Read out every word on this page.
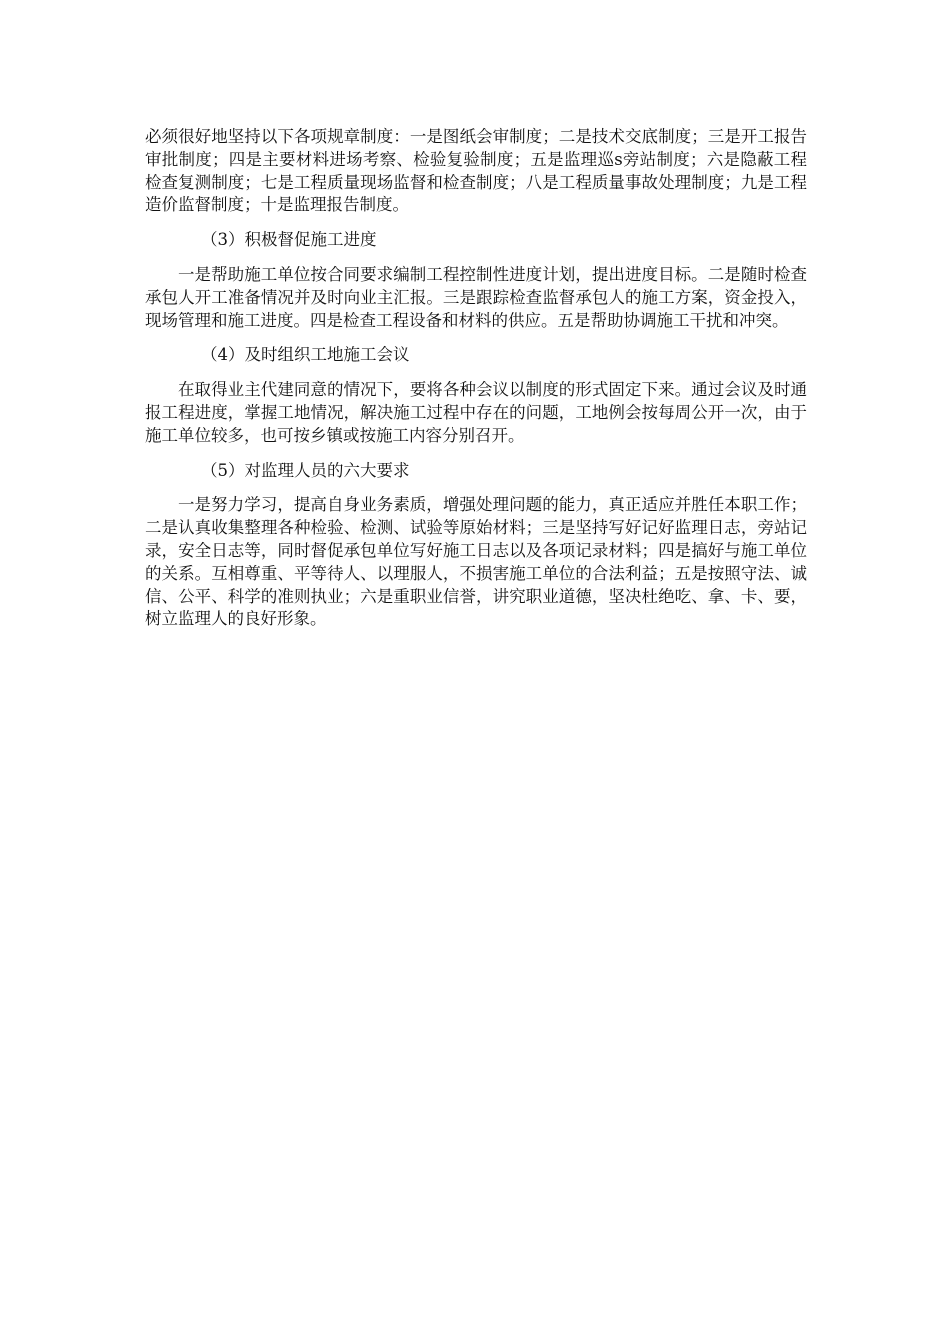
必须很好地坚持以下各项规章制度：一是图纸会审制度；二是技术交底制度；三是开工报告审批制度；四是主要材料进场考察、检验复验制度；五是监理巡s旁站制度；六是隐蔽工程检查复测制度；七是工程质量现场监督和检查制度；八是工程质量事故处理制度；九是工程造价监督制度；十是监理报告制度。

（3）积极督促施工进度

一是帮助施工单位按合同要求编制工程控制性进度计划，提出进度目标。二是随时检查承包人开工准备情况并及时向业主汇报。三是跟踪检查监督承包人的施工方案，资金投入，现场管理和施工进度。四是检查工程设备和材料的供应。五是帮助协调施工干扰和冲突。

（4）及时组织工地施工会议

在取得业主代建同意的情况下，要将各种会议以制度的形式固定下来。通过会议及时通报工程进度，掌握工地情况，解决施工过程中存在的问题，工地例会按每周公开一次，由于施工单位较多，也可按乡镇或按施工内容分别召开。

（5）对监理人员的六大要求

一是努力学习，提高自身业务素质，增强处理问题的能力，真正适应并胜任本职工作；二是认真收集整理各种检验、检测、试验等原始材料；三是坚持写好记好监理日志，旁站记录，安全日志等，同时督促承包单位写好施工日志以及各项记录材料；四是搞好与施工单位的关系。互相尊重、平等待人、以理服人，不损害施工单位的合法利益；五是按照守法、诚信、公平、科学的准则执业；六是重职业信誉，讲究职业道德，坚决杜绝吃、拿、卡、要，树立监理人的良好形象。
